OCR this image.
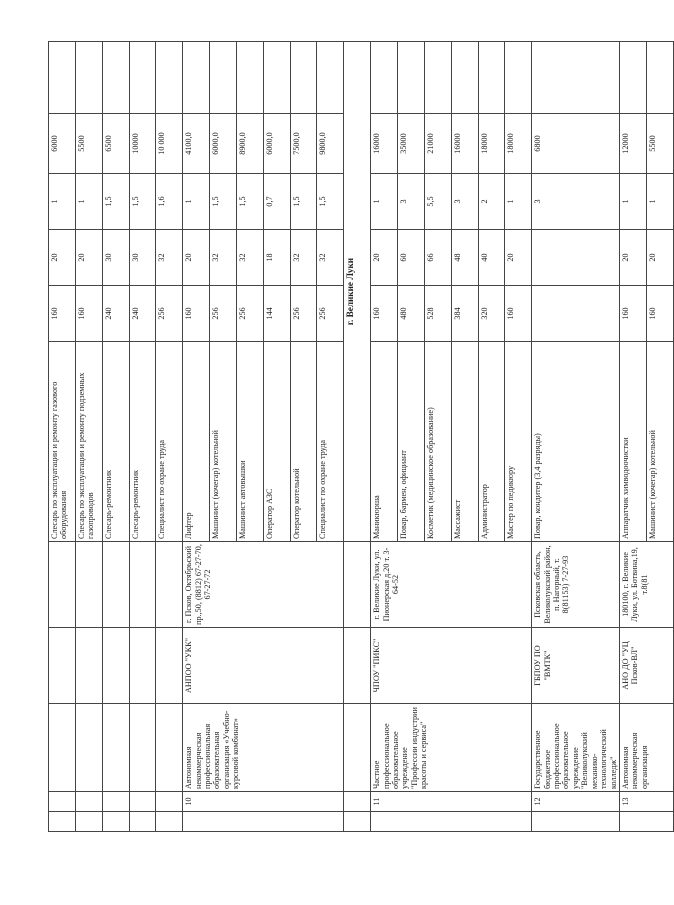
					Слесарь по эксплуатации и ремонту газового оборудования	160	20	1	6000	
					Слесарь по эксплуатации и ремонту подземных газопроводов	160	20	1	5500	
					Слесарь-ремонтник	240	30	1,5	6500	
					Слесарь-ремонтник	240	30	1,5	10000	
					Специалист по охране труда	256	32	1,6	10 000	
	10	Автономная некоммерческая профессиональная образовательная организация «Учебно-курсовой комбинат»	АНПОО "УКК"	г. Псков, Октябрьский пр.,50, (8812) 67-27-70, 67-27-72	Лифтер	160	20	1	4100,0	
					Машинист (кочегар) котельной	256	32	1,5	6000,0	
					Машинист автовышки	256	32	1,5	8900,0	
					Оператор АЗС	144	18	0,7	6000,0	
					Оператор котельной	256	32	1,5	7500,0	
					Специалист по охране труда	256	32	1,5	9800,0	
					г. Великие Луки					
	11	Частное профессиональное образовательное учреждение "Профессии индустрии красоты и сервиса"	ЧПОУ "ПИКС"	г. Великие Луки, ул. Пионерская д.20 т. 3-64-52	Маникюрша	160	20	1	16000	
					Повар, бармен, официант	480	60	3	35000	
					Косметик (медицинское образование)	528	66	5,5	21000	
					Массажист	384	48	3	16000	
					Администратор	320	40	2	18000	
					Мастер по педикюру	160	20	1	18000	
	12	Государственное бюджетное профессиональное образовательное учреждение "Великолукский механико-технологический колледж"	ГБПОУ ПО "ВМТК"	Псковская область, Великолукский район, п. Нагорный, т. 8(81153) 7-27-93	Повар, кондитер (3,4 разряды)			3	6800	
	13	Автономная некоммерческая организация	АНО ДО "УЦ Псков-ВЛ"	180100, г. Великие Луки, ул. Ботвина,19, т.8(81	Аппаратчик химводоочистки	160	20	1	12000	
					Машинист (кочегар) котельной	160	20	1	5500	
